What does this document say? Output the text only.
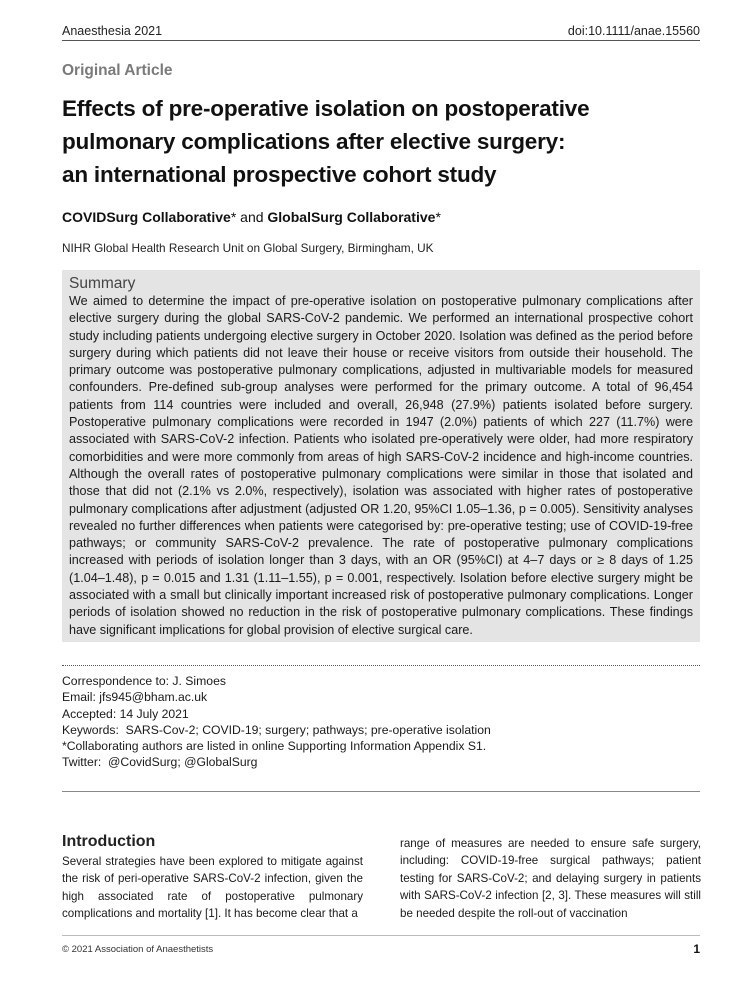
Anaesthesia 2021	doi:10.1111/anae.15560
Original Article
Effects of pre-operative isolation on postoperative
pulmonary complications after elective surgery:
an international prospective cohort study
COVIDSurg Collaborative* and GlobalSurg Collaborative*
NIHR Global Health Research Unit on Global Surgery, Birmingham, UK
Summary
We aimed to determine the impact of pre-operative isolation on postoperative pulmonary complications after elective surgery during the global SARS-CoV-2 pandemic. We performed an international prospective cohort study including patients undergoing elective surgery in October 2020. Isolation was defined as the period before surgery during which patients did not leave their house or receive visitors from outside their household. The primary outcome was postoperative pulmonary complications, adjusted in multivariable models for measured confounders. Pre-defined sub-group analyses were performed for the primary outcome. A total of 96,454 patients from 114 countries were included and overall, 26,948 (27.9%) patients isolated before surgery. Postoperative pulmonary complications were recorded in 1947 (2.0%) patients of which 227 (11.7%) were associated with SARS-CoV-2 infection. Patients who isolated pre-operatively were older, had more respiratory comorbidities and were more commonly from areas of high SARS-CoV-2 incidence and high-income countries. Although the overall rates of postoperative pulmonary complications were similar in those that isolated and those that did not (2.1% vs 2.0%, respectively), isolation was associated with higher rates of postoperative pulmonary complications after adjustment (adjusted OR 1.20, 95%CI 1.05–1.36, p = 0.005). Sensitivity analyses revealed no further differences when patients were categorised by: pre-operative testing; use of COVID-19-free pathways; or community SARS-CoV-2 prevalence. The rate of postoperative pulmonary complications increased with periods of isolation longer than 3 days, with an OR (95%CI) at 4–7 days or ≥ 8 days of 1.25 (1.04–1.48), p = 0.015 and 1.31 (1.11–1.55), p = 0.001, respectively. Isolation before elective surgery might be associated with a small but clinically important increased risk of postoperative pulmonary complications. Longer periods of isolation showed no reduction in the risk of postoperative pulmonary complications. These findings have significant implications for global provision of elective surgical care.
Correspondence to: J. Simoes
Email: jfs945@bham.ac.uk
Accepted: 14 July 2021
Keywords:  SARS-Cov-2; COVID-19; surgery; pathways; pre-operative isolation
*Collaborating authors are listed in online Supporting Information Appendix S1.
Twitter:  @CovidSurg; @GlobalSurg
Introduction
Several strategies have been explored to mitigate against the risk of peri-operative SARS-CoV-2 infection, given the high associated rate of postoperative pulmonary complications and mortality [1]. It has become clear that a
range of measures are needed to ensure safe surgery, including: COVID-19-free surgical pathways; patient testing for SARS-CoV-2; and delaying surgery in patients with SARS-CoV-2 infection [2, 3]. These measures will still be needed despite the roll-out of vaccination
© 2021 Association of Anaesthetists	1
